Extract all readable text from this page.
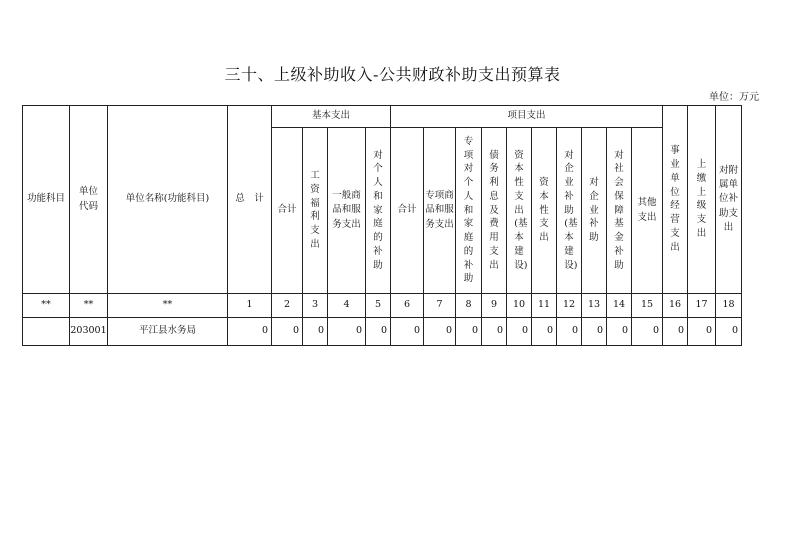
三十、上级补助收入-公共财政补助支出预算表
单位：万元
功能科目	单位代码	单位名称(功能科目)	总　计	基本支出				项目支出										事业单位经营支出	上缴上级支出	对附属单位补助支出
				合计	工资福利支出	一般商品和服务支出	对个人和家庭的补助	合计	专项商品和服务支出	专项对个人和家庭的补助	债务利息及费用支出	资本性支出(基本建设)	资本性支出	对企业补助(基本建设)	对企业补助	对社会保障基金补助	其他支出			
**	**	**	1	2	3	4	5	6	7	8	9	10	11	12	13	14	15	16	17	18
	203001	平江县水务局	0	0	0	0	0	0	0	0	0	0	0	0	0	0	0	0	0	0
